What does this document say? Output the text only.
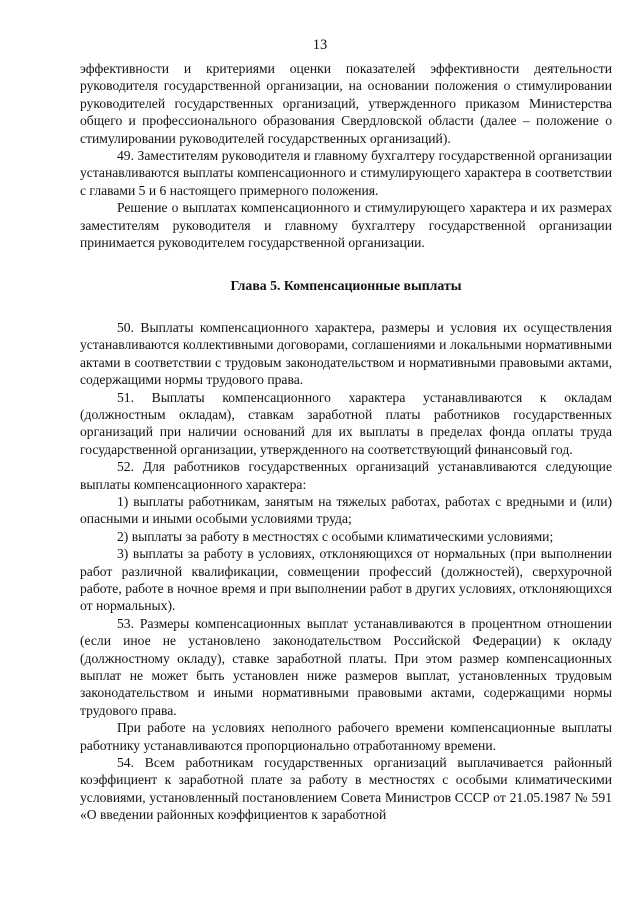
13

эффективности и критериями оценки показателей эффективности деятельности руководителя государственной организации, на основании положения о стимулировании руководителей государственных организаций, утвержденного приказом Министерства общего и профессионального образования Свердловской области (далее – положение о стимулировании руководителей государственных организаций).

49. Заместителям руководителя и главному бухгалтеру государственной организации устанавливаются выплаты компенсационного и стимулирующего характера в соответствии с главами 5 и 6 настоящего примерного положения.

Решение о выплатах компенсационного и стимулирующего характера и их размерах заместителям руководителя и главному бухгалтеру государственной организации принимается руководителем государственной организации.

Глава 5. Компенсационные выплаты

50. Выплаты компенсационного характера, размеры и условия их осуществления устанавливаются коллективными договорами, соглашениями и локальными нормативными актами в соответствии с трудовым законодательством и нормативными правовыми актами, содержащими нормы трудового права.

51. Выплаты компенсационного характера устанавливаются к окладам (должностным окладам), ставкам заработной платы работников государственных организаций при наличии оснований для их выплаты в пределах фонда оплаты труда государственной организации, утвержденного на соответствующий финансовый год.

52. Для работников государственных организаций устанавливаются следующие выплаты компенсационного характера:

1) выплаты работникам, занятым на тяжелых работах, работах с вредными и (или) опасными и иными особыми условиями труда;

2) выплаты за работу в местностях с особыми климатическими условиями;

3) выплаты за работу в условиях, отклоняющихся от нормальных (при выполнении работ различной квалификации, совмещении профессий (должностей), сверхурочной работе, работе в ночное время и при выполнении работ в других условиях, отклоняющихся от нормальных).

53. Размеры компенсационных выплат устанавливаются в процентном отношении (если иное не установлено законодательством Российской Федерации) к окладу (должностному окладу), ставке заработной платы. При этом размер компенсационных выплат не может быть установлен ниже размеров выплат, установленных трудовым законодательством и иными нормативными правовыми актами, содержащими нормы трудового права.

При работе на условиях неполного рабочего времени компенсационные выплаты работнику устанавливаются пропорционально отработанному времени.

54. Всем работникам государственных организаций выплачивается районный коэффициент к заработной плате за работу в местностях с особыми климатическими условиями, установленный постановлением Совета Министров СССР от 21.05.1987 № 591 «О введении районных коэффициентов к заработной
